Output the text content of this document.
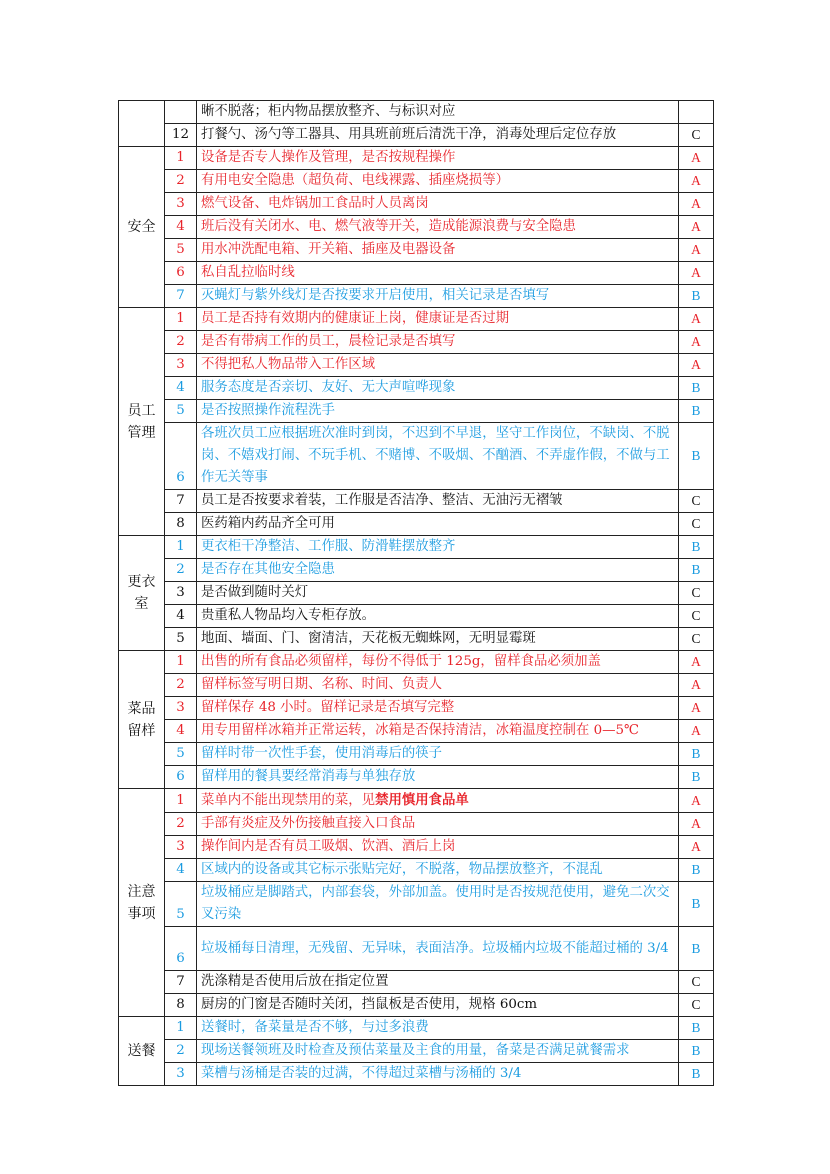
		晰不脱落；柜内物品摆放整齐、与标识对应	
	12	打餐勺、汤勺等工器具、用具班前班后清洗干净，消毒处理后定位存放	C
安全	1	设备是否专人操作及管理，是否按规程操作	A
	2	有用电安全隐患（超负荷、电线裸露、插座烧损等）	A
	3	燃气设备、电炸锅加工食品时人员离岗	A
	4	班后没有关闭水、电、燃气液等开关，造成能源浪费与安全隐患	A
	5	用水冲洗配电箱、开关箱、插座及电器设备	A
	6	私自乱拉临时线	A
	7	灭蝇灯与紫外线灯是否按要求开启使用，相关记录是否填写	B
员工管理	1	员工是否持有效期内的健康证上岗，健康证是否过期	A
	2	是否有带病工作的员工，晨检记录是否填写	A
	3	不得把私人物品带入工作区域	A
	4	服务态度是否亲切、友好、无大声喧哗现象	B
	5	是否按照操作流程洗手	B
	6	各班次员工应根据班次准时到岗，不迟到不早退，坚守工作岗位，不缺岗、不脱岗、不嬉戏打闹、不玩手机、不赌博、不吸烟、不酗酒、不弄虚作假，不做与工作无关等事	B
	7	员工是否按要求着装，工作服是否洁净、整洁、无油污无褶皱	C
	8	医药箱内药品齐全可用	C
更衣室	1	更衣柜干净整洁、工作服、防滑鞋摆放整齐	B
	2	是否存在其他安全隐患	B
	3	是否做到随时关灯	C
	4	贵重私人物品均入专柜存放。	C
	5	地面、墙面、门、窗清洁，天花板无蜘蛛网，无明显霉斑	C
菜品留样	1	出售的所有食品必须留样，每份不得低于 125g，留样食品必须加盖	A
	2	留样标签写明日期、名称、时间、负责人	A
	3	留样保存 48 小时。留样记录是否填写完整	A
	4	用专用留样冰箱并正常运转，冰箱是否保持清洁，冰箱温度控制在 0—5℃	A
	5	留样时带一次性手套，使用消毒后的筷子	B
	6	留样用的餐具要经常消毒与单独存放	B
注意事项	1	菜单内不能出现禁用的菜，见禁用慎用食品单	A
	2	手部有炎症及外伤接触直接入口食品	A
	3	操作间内是否有员工吸烟、饮酒、酒后上岗	A
	4	区域内的设备或其它标示张贴完好，不脱落，物品摆放整齐，不混乱	B
	5	垃圾桶应是脚踏式，内部套袋，外部加盖。使用时是否按规范使用，避免二次交叉污染	B
	6	垃圾桶每日清理，无残留、无异味，表面洁净。垃圾桶内垃圾不能超过桶的 3/4	B
	7	洗涤精是否使用后放在指定位置	C
	8	厨房的门窗是否随时关闭，挡鼠板是否使用，规格 60cm	C
送餐	1	送餐时，备菜量是否不够，与过多浪费	B
	2	现场送餐领班及时检查及预估菜量及主食的用量，备菜是否满足就餐需求	B
	3	菜槽与汤桶是否装的过满，不得超过菜槽与汤桶的 3/4	B
